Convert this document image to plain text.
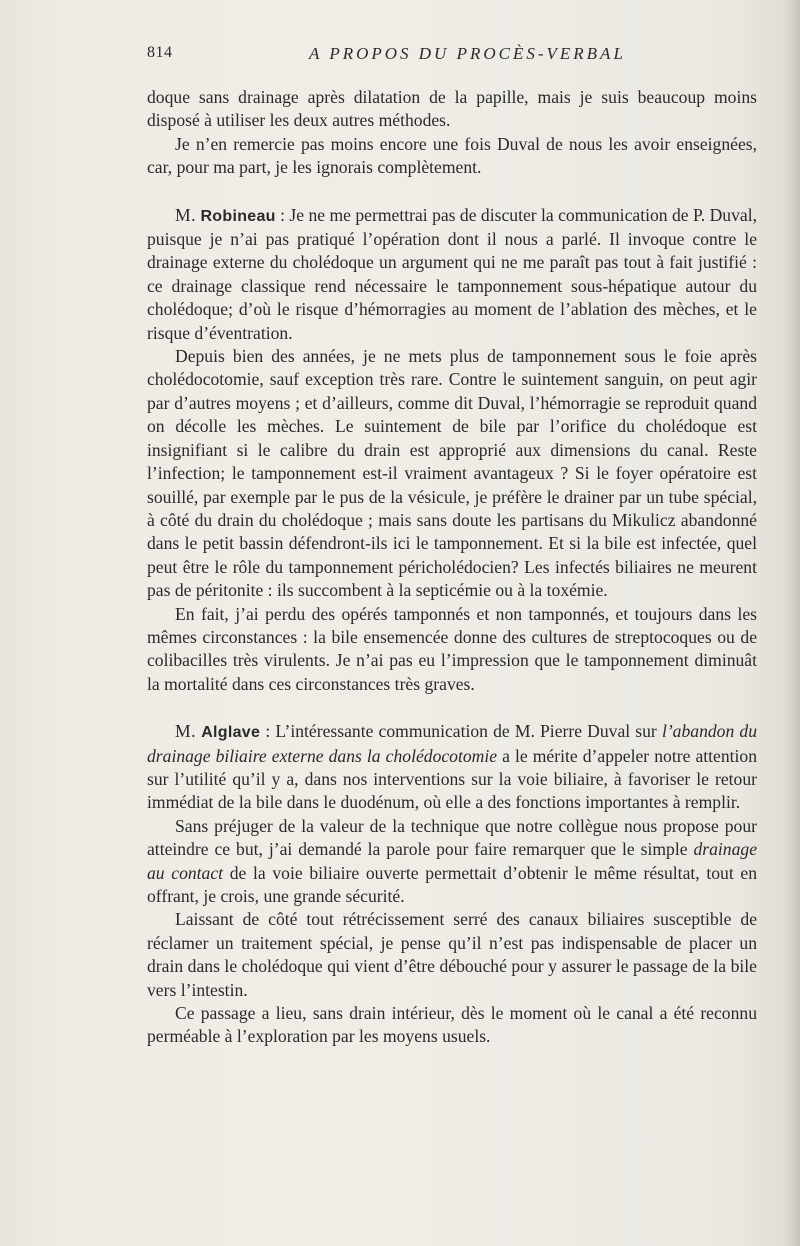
814	A PROPOS DU PROCÈS-VERBAL

doque sans drainage après dilatation de la papille, mais je suis beaucoup moins disposé à utiliser les deux autres méthodes.

Je n’en remercie pas moins encore une fois Duval de nous les avoir enseignées, car, pour ma part, je les ignorais complètement.

M. Robineau : Je ne me permettrai pas de discuter la communication de P. Duval, puisque je n’ai pas pratiqué l’opération dont il nous a parlé. Il invoque contre le drainage externe du cholédoque un argument qui ne me paraît pas tout à fait justifié : ce drainage classique rend nécessaire le tamponnement sous-hépatique autour du cholédoque; d’où le risque d’hémorragies au moment de l’ablation des mèches, et le risque d’éventration.

Depuis bien des années, je ne mets plus de tamponnement sous le foie après cholédocotomie, sauf exception très rare. Contre le suintement sanguin, on peut agir par d’autres moyens ; et d’ailleurs, comme dit Duval, l’hémorragie se reproduit quand on décolle les mèches. Le suintement de bile par l’orifice du cholédoque est insignifiant si le calibre du drain est approprié aux dimensions du canal. Reste l’infection; le tamponnement est-il vraiment avantageux ? Si le foyer opératoire est souillé, par exemple par le pus de la vésicule, je préfère le drainer par un tube spécial, à côté du drain du cholédoque ; mais sans doute les partisans du Mikulicz abandonné dans le petit bassin défendront-ils ici le tamponnement. Et si la bile est infectée, quel peut être le rôle du tamponnement péricholédocien? Les infectés biliaires ne meurent pas de péritonite : ils succombent à la septicémie ou à la toxémie.

En fait, j’ai perdu des opérés tamponnés et non tamponnés, et toujours dans les mêmes circonstances : la bile ensemencée donne des cultures de streptocoques ou de colibacilles très virulents. Je n’ai pas eu l’impression que le tamponnement diminuât la mortalité dans ces circonstances très graves.

M. Alglave : L’intéressante communication de M. Pierre Duval sur l’abandon du drainage biliaire externe dans la cholédocotomie a le mérite d’appeler notre attention sur l’utilité qu’il y a, dans nos interventions sur la voie biliaire, à favoriser le retour immédiat de la bile dans le duodénum, où elle a des fonctions importantes à remplir.

Sans préjuger de la valeur de la technique que notre collègue nous propose pour atteindre ce but, j’ai demandé la parole pour faire remarquer que le simple drainage au contact de la voie biliaire ouverte permettait d’obtenir le même résultat, tout en offrant, je crois, une grande sécurité.

Laissant de côté tout rétrécissement serré des canaux biliaires susceptible de réclamer un traitement spécial, je pense qu’il n’est pas indispensable de placer un drain dans le cholédoque qui vient d’être débouché pour y assurer le passage de la bile vers l’intestin.

Ce passage a lieu, sans drain intérieur, dès le moment où le canal a été reconnu perméable à l’exploration par les moyens usuels.
